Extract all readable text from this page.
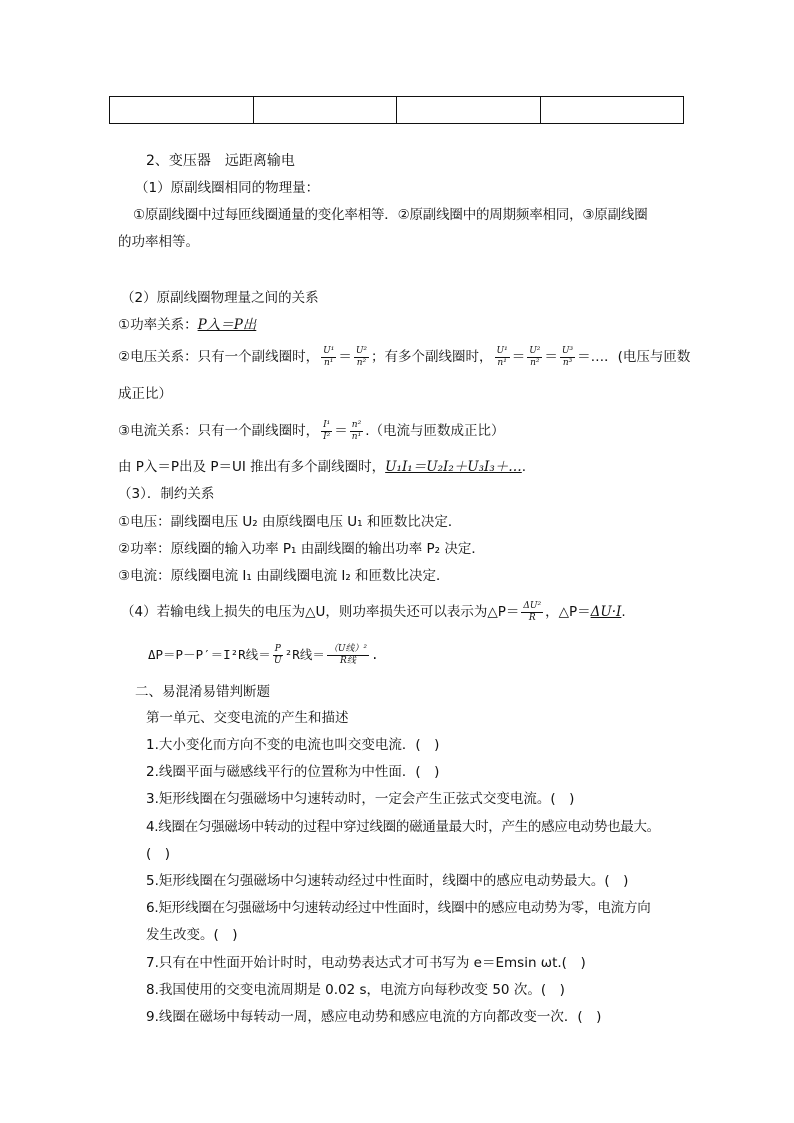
2、变压器　远距离输电
（1）原副线圈相同的物理量：
①原副线圈中过每匝线圈通量的变化率相等．②原副线圈中的周期频率相同，③原副线圈
的功率相等。
（2）原副线圈物理量之间的关系
①功率关系：P入＝P出
②电压关系：只有一个副线圈时， $\frac{\text{U¹}}{\text{n¹}} = \frac{\text{U²}}{\text{n²}}$ ；有多个副线圈时， $\frac{\text{U¹}}{\text{n¹}} = \frac{\text{U²}}{\text{n²}} = \frac{\text{U³}}{\text{n³}}$ ＝…．(电压与匝数
成正比）
③电流关系：只有一个副线圈时， $\frac{\text{I¹}}{\text{I²}} = \frac{\text{n²}}{\text{n¹}}$ .（电流与匝数成正比）
由 P入＝P出及 P＝UI 推出有多个副线圈时，U₁I₁＝U₂I₂＋U₃I₃＋….
（3）．制约关系
①电压：副线圈电压 U₂ 由原线圈电压 U₁ 和匝数比决定．
②功率：原线圈的输入功率 P₁ 由副线圈的输出功率 P₂ 决定．
③电流：原线圈电流 I₁ 由副线圈电流 I₂ 和匝数比决定．
（4）若输电线上损失的电压为△U，则功率损失还可以表示为△P＝ $\frac{\text{ΔU²}}{R}$ ，△P＝ΔU·I.
ΔP＝P－P′＝I²R线＝ $\frac{P}{U} ^2R$线＝ $\frac{\text{（U线）²}}{\text{R线}}$ .
二、易混淆易错判断题
第一单元、交变电流的产生和描述
1.大小变化而方向不变的电流也叫交变电流．(　)
2.线圈平面与磁感线平行的位置称为中性面．(　)
3.矩形线圈在匀强磁场中匀速转动时，一定会产生正弦式交变电流。(　)
4.线圈在匀强磁场中转动的过程中穿过线圈的磁通量最大时，产生的感应电动势也最大。
(　)
5.矩形线圈在匀强磁场中匀速转动经过中性面时，线圈中的感应电动势最大。(　)
6.矩形线圈在匀强磁场中匀速转动经过中性面时，线圈中的感应电动势为零，电流方向
发生改变。(　)
7.只有在中性面开始计时时，电动势表达式才可书写为 e＝Emsin ωt.(　)
8.我国使用的交变电流周期是 0.02 s，电流方向每秒改变 50 次。(　)
9.线圈在磁场中每转动一周，感应电动势和感应电流的方向都改变一次．(　)
